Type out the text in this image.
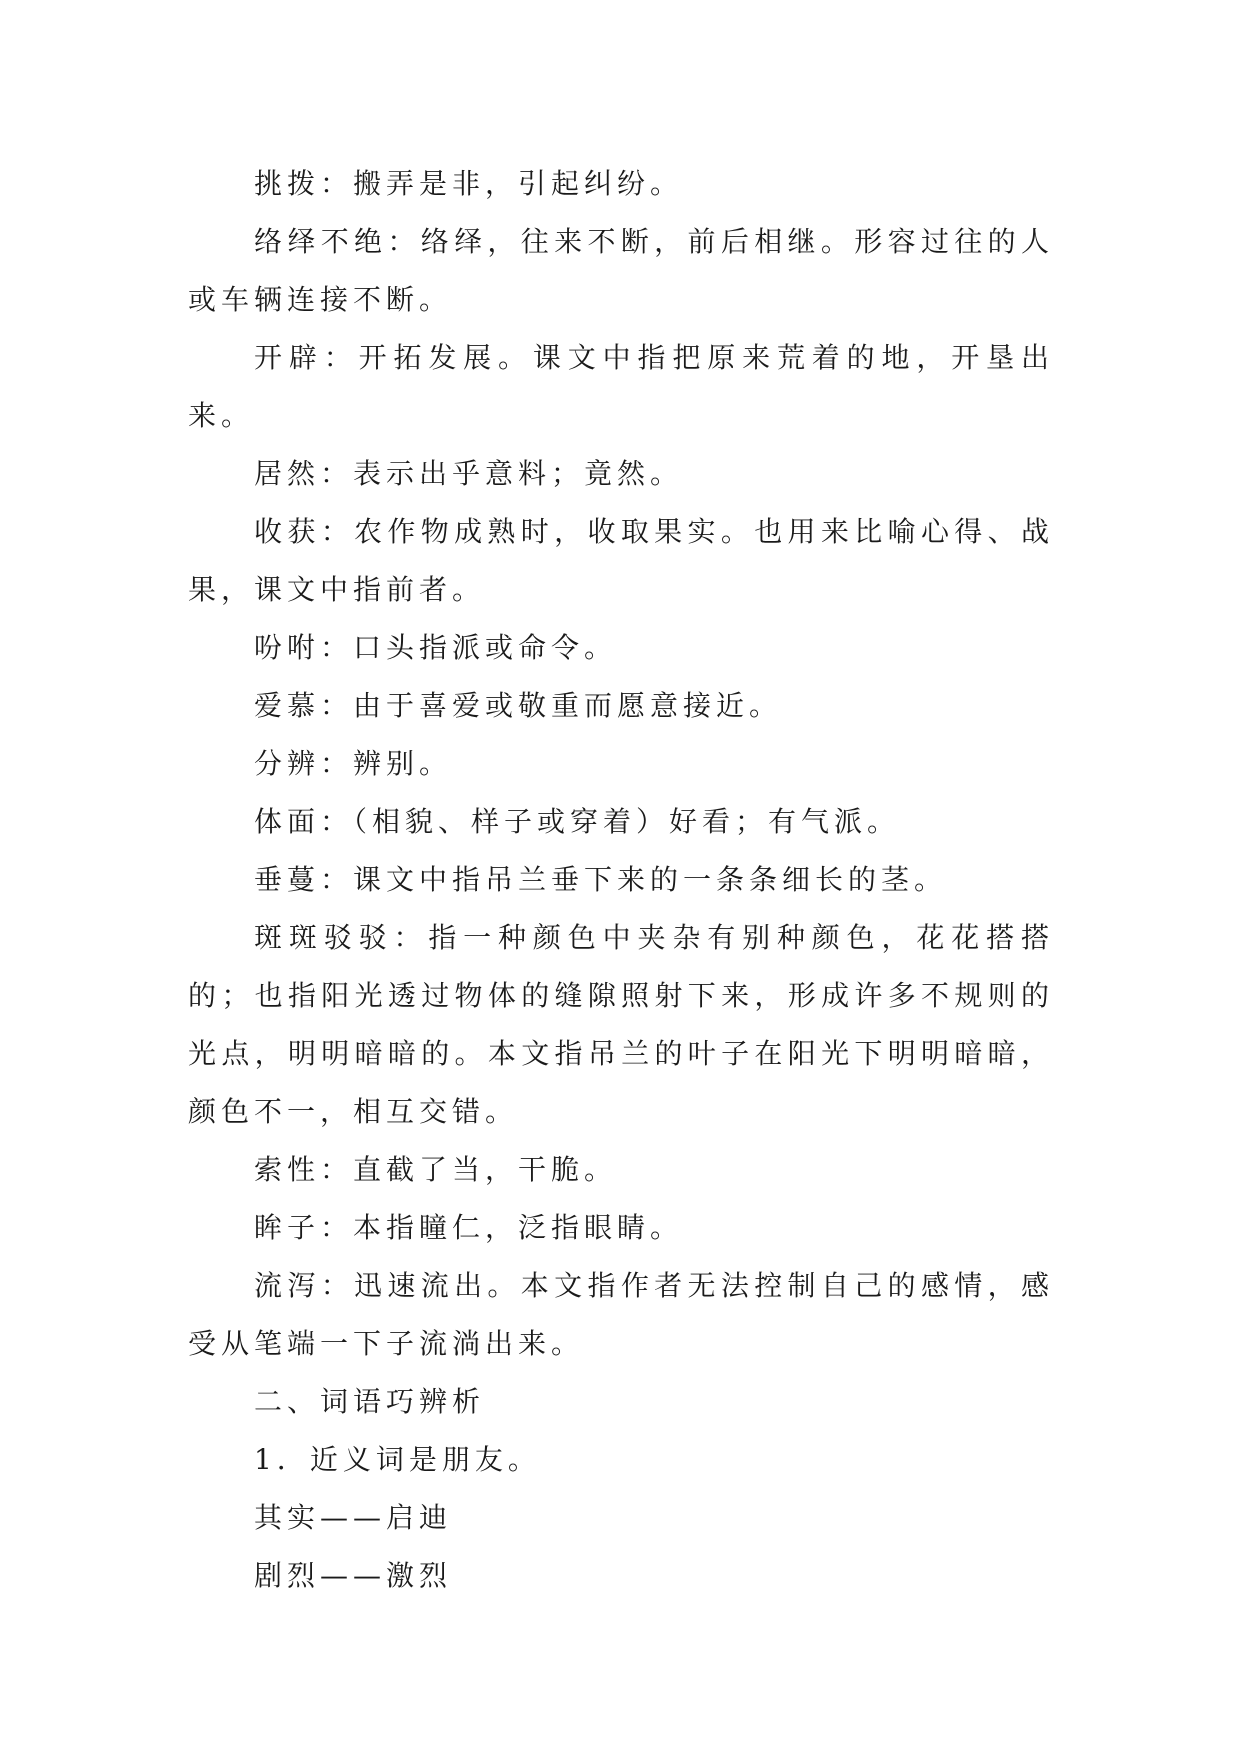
挑拨：搬弄是非，引起纠纷。

络绎不绝：络绎，往来不断，前后相继。形容过往的人或车辆连接不断。

开辟：开拓发展。课文中指把原来荒着的地，开垦出来。

居然：表示出乎意料；竟然。

收获：农作物成熟时，收取果实。也用来比喻心得、战果，课文中指前者。

吩咐：口头指派或命令。

爱慕：由于喜爱或敬重而愿意接近。

分辨：辨别。

体面：（相貌、样子或穿着）好看；有气派。

垂蔓：课文中指吊兰垂下来的一条条细长的茎。

斑斑驳驳：指一种颜色中夹杂有别种颜色，花花搭搭的；也指阳光透过物体的缝隙照射下来，形成许多不规则的光点，明明暗暗的。本文指吊兰的叶子在阳光下明明暗暗，颜色不一，相互交错。

索性：直截了当，干脆。

眸子：本指瞳仁，泛指眼睛。

流泻：迅速流出。本文指作者无法控制自己的感情，感受从笔端一下子流淌出来。

二、词语巧辨析

1．近义词是朋友。

其实——启迪

剧烈——激烈
